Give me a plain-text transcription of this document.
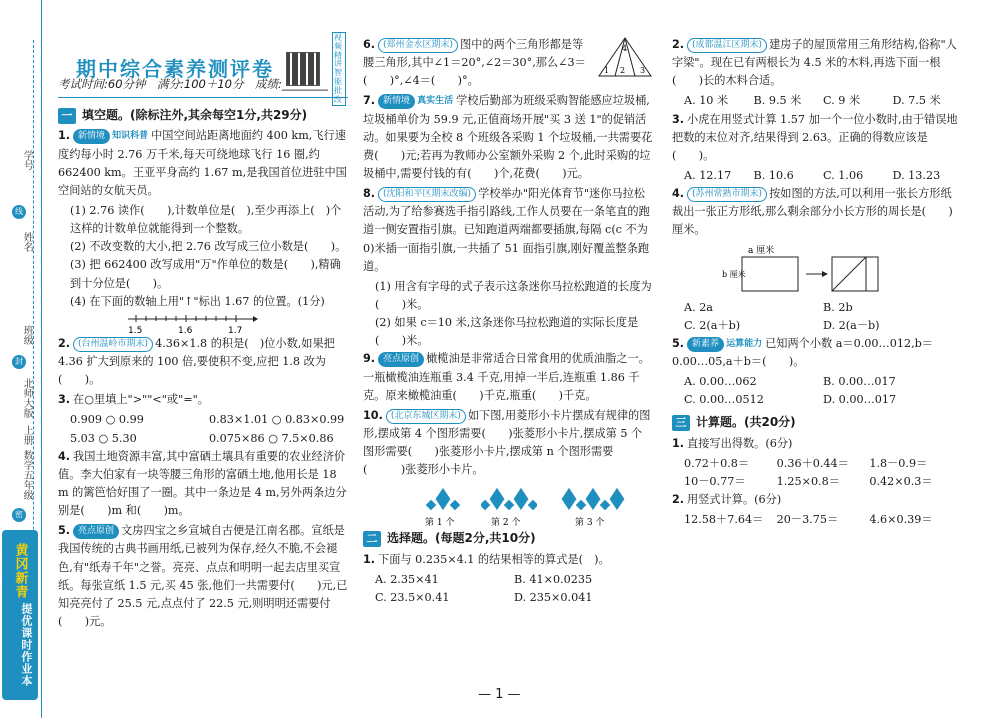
学号
线
姓名
班级
封
北师大版
上册
数学五年级
密
黄冈新青
提优课时作业本
期中综合素养测评卷
视频精讲智能批改
考试时间:60分钟　满分:100＋10分　成绩:________
一 填空题。(除标注外,其余每空1分,共29分)
1. 新情境 知识科普 中国空间站距离地面约 400 km,飞行速度约每小时 2.76 万千米,每天可绕地球飞行 16 圈,约 662400 km。王亚平身高约 1.67 m,是我国首位进驻中国空间站的女航天员。
(1) 2.76 读作(　　),计数单位是(　),至少再添上(　)个这样的计数单位就能得到一个整数。
(2) 不改变数的大小,把 2.76 改写成三位小数是(　　)。
(3) 把 662400 改写成用"万"作单位的数是(　　),精确到十分位是(　　)。
(4) 在下面的数轴上用"↑"标出 1.67 的位置。(1分)
1.5	1.6	1.7
2. (台州温岭市期末) 4.36×1.8 的积是(　)位小数,如果把 4.36 扩大到原来的 100 倍,要使积不变,应把 1.8 改为(　　)。
3. 在○里填上">""<"或"="。
0.909 ○ 0.99	0.83×1.01 ○ 0.83×0.99
5.03 ○ 5.30	0.075×86 ○ 7.5×0.86
4. 我国土地资源丰富,其中富硒土壤具有重要的农业经济价值。李大伯家有一块等腰三角形的富硒土地,他用长是 18 m 的篱笆恰好围了一圈。其中一条边是 4 m,另外两条边分别是(　　)m 和(　　)m。
5. 亮点原创 文房四宝之乡宣城自古便是江南名郡。宣纸是我国传统的古典书画用纸,已被列为保存,经久不脆,不会褪色,有"纸寿千年"之誉。亮亮、点点和明明一起去店里买宣纸。每张宣纸 1.5 元,买 45 张,他们一共需要付(　　)元,已知亮亮付了 25.5 元,点点付了 22.5 元,则明明还需要付(　　)元。
6. (郑州金水区期末) 图中的两个三角形都是等腰三角形,其中∠1＝20°,∠2＝30°,那么∠3＝(　　)°,∠4＝(　　)°。
4
1 2 3
7. 新情境 真实生活 学校后勤部为班级采购智能感应垃圾桶,垃圾桶单价为 59.9 元,正值商场开展"买 3 送 1"的促销活动。如果要为全校 8 个班级各采购 1 个垃圾桶,一共需要花费(　　)元;若再为教师办公室额外采购 2 个,此时采购的垃圾桶中,需要付钱的有(　　)个,花费(　　)元。
8. (沈阳和平区期末改编) 学校举办"阳光体育节"迷你马拉松活动,为了给参赛选手指引路线,工作人员要在一条笔直的跑道一侧安置指引旗。已知跑道两端都要插旗,每隔 c(c 不为 0)米插一面指引旗,一共插了 51 面指引旗,刚好覆盖整条跑道。
(1) 用含有字母的式子表示这条迷你马拉松跑道的长度为(　　)米。
(2) 如果 c＝10 米,这条迷你马拉松跑道的实际长度是(　　)米。
9. 亮点原创 橄榄油是非常适合日常食用的优质油脂之一。一瓶橄榄油连瓶重 3.4 千克,用掉一半后,连瓶重 1.86 千克。原来橄榄油重(　　)千克,瓶重(　　)千克。
10. (北京东城区期末) 如下图,用菱形小卡片摆成有规律的图形,摆成第 4 个图形需要(　　)张菱形小卡片,摆成第 5 个图形需要(　　)张菱形小卡片,摆成第 n 个图形需要(　　　)张菱形小卡片。
第 1 个	第 2 个	第 3 个
二 选择题。(每题2分,共10分)
1. 下面与 0.235×4.1 的结果相等的算式是(　)。
A. 2.35×41	B. 41×0.0235
C. 23.5×0.41	D. 235×0.041
2. (成都温江区期末) 建房子的屋顶常用三角形结构,俗称"人字梁"。现在已有两根长为 4.5 米的木料,再选下面一根(　　)长的木料合适。
A. 10 米	B. 9.5 米	C. 9 米	D. 7.5 米
3. 小虎在用竖式计算 1.57 加一个一位小数时,由于错误地把数的末位对齐,结果得到 2.63。正确的得数应该是(　　)。
A. 12.17	B. 10.6	C. 1.06	D. 13.23
4. (苏州常熟市期末) 按如图的方法,可以利用一张长方形纸裁出一张正方形纸,那么剩余部分小长方形的周长是(　　)厘米。
a 厘米
b 厘米
A. 2a	B. 2b
C. 2(a＋b)	D. 2(a－b)
5. 新素养 运算能力 已知两个小数 a＝0.00…012,b＝0.00…05,a＋b＝(　　)。
A. 0.00…062	B. 0.00…017
C. 0.00…0512	D. 0.00…017
三 计算题。(共20分)
1. 直接写出得数。(6分)
0.72＋0.8＝	0.36＋0.44＝	1.8－0.9＝
10－0.77＝	1.25×0.8＝	0.42×0.3＝
2. 用竖式计算。(6分)
12.58＋7.64＝	20－3.75＝	4.6×0.39＝
— 1 —
